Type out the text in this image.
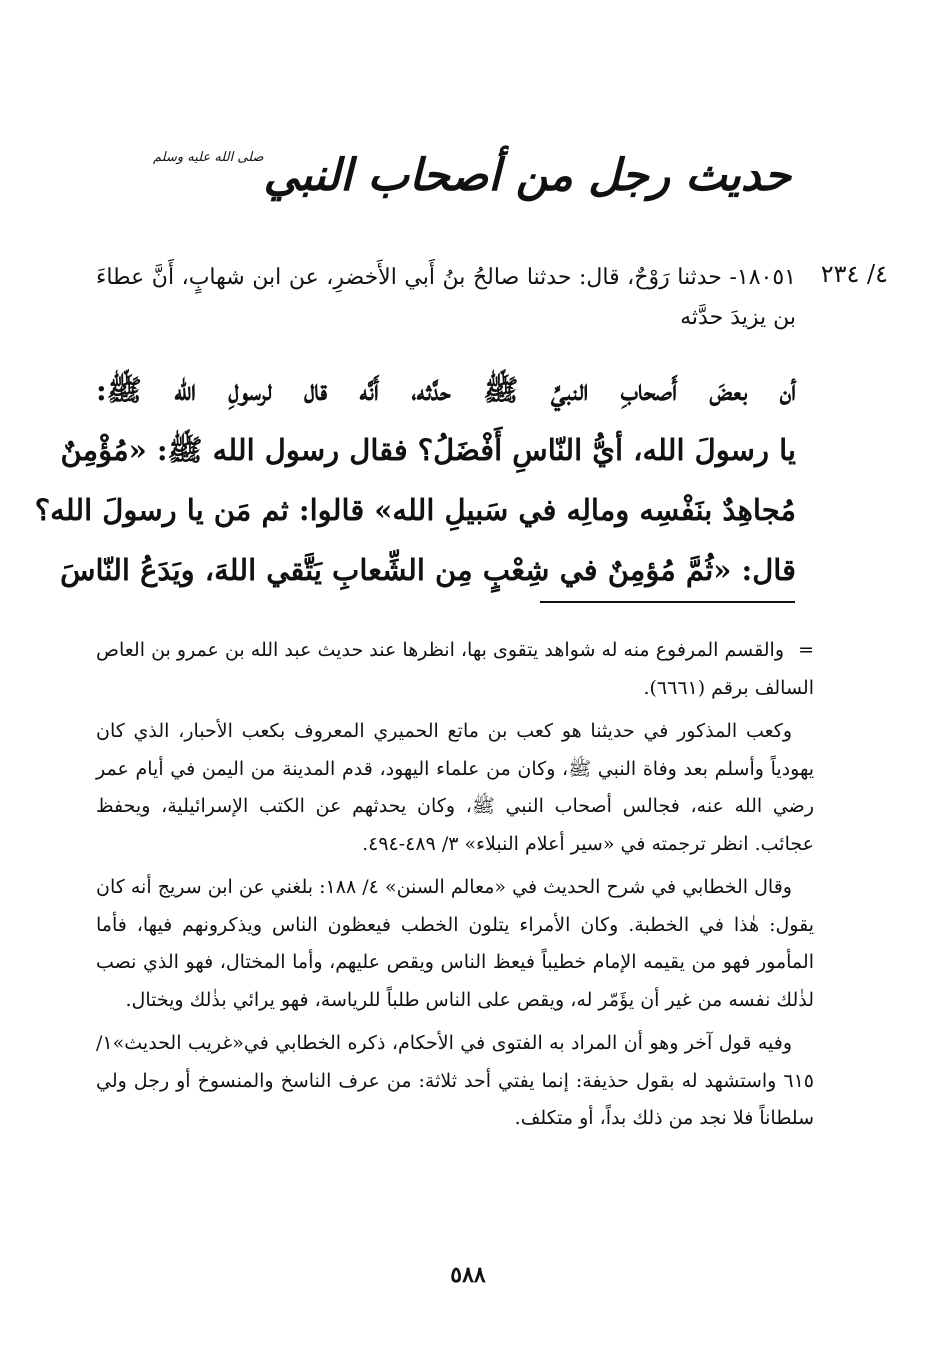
حديث رجل من أصحاب النبيصلى الله عليه وسلم
٤/ ٢٣٤
١٨٠٥١- حدثنا رَوْحٌ، قال: حدثنا صالحُ بنُ أَبي الأَخضرِ، عن ابن شهابٍ، أَنَّ عطاءَ بن يزيدَ حدَّثه
أن بعضَ أَصحابِ النبيِّ ﷺ حدَّثه، أَنَّه قال لرسولِ الله ﷺ:
يا رسولَ الله، أيُّ النّاسِ أَفْضَلُ؟ فقال رسول الله ﷺ: «مُؤْمِنٌ
مُجاهِدٌ بنَفْسِه ومالِه في سَبيلِ الله» قالوا: ثم مَن يا رسولَ الله؟
قال: «ثُمَّ مُؤمِنٌ في شِعْبٍ مِن الشِّعابِ يَتَّقي اللهَ، ويَدَعُ النّاسَ

=والقسم المرفوع منه له شواهد يتقوى بها، انظرها عند حديث عبد الله بن عمرو بن العاص السالف برقم (٦٦٦١).

وكعب المذكور في حديثنا هو كعب بن ماتع الحميري المعروف بكعب الأحبار، الذي كان يهودياً وأسلم بعد وفاة النبي ﷺ، وكان من علماء اليهود، قدم المدينة من اليمن في أيام عمر رضي الله عنه، فجالس أصحاب النبي ﷺ، وكان يحدثهم عن الكتب الإسرائيلية، ويحفظ عجائب. انظر ترجمته في «سير أعلام النبلاء» ٣/ ٤٨٩-٤٩٤.

وقال الخطابي في شرح الحديث في «معالم السنن» ٤/ ١٨٨: بلغني عن ابن سريج أنه كان يقول: هٰذا في الخطبة. وكان الأمراء يتلون الخطب فيعظون الناس ويذكرونهم فيها، فأما المأمور فهو من يقيمه الإمام خطيباً فيعظ الناس ويقص عليهم، وأما المختال، فهو الذي نصب لذٰلك نفسه من غير أن يؤَمّر له، ويقص على الناس طلباً للرياسة، فهو يرائي بذٰلك ويختال.

وفيه قول آخر وهو أن المراد به الفتوى في الأحكام، ذكره الخطابي في«غريب الحديث»١/ ٦١٥ واستشهد له بقول حذيفة: إنما يفتي أحد ثلاثة: من عرف الناسخ والمنسوخ أو رجل ولي سلطاناً فلا نجد من ذلك بداً، أو متكلف.

٥٨٨
